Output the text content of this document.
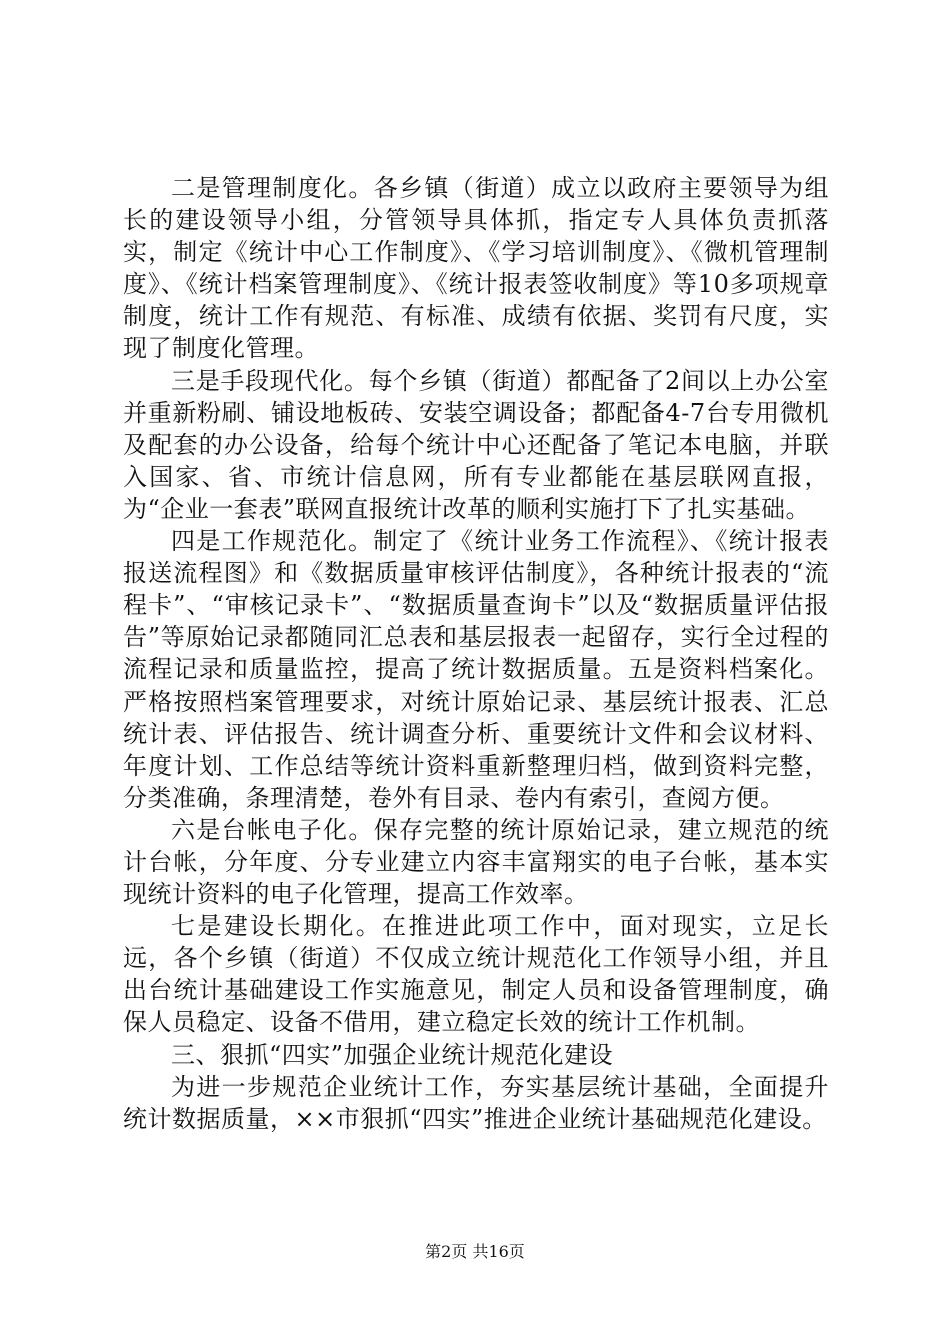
二是管理制度化。各乡镇（街道）成立以政府主要领导为组长的建设领导小组，分管领导具体抓，指定专人具体负责抓落实，制定《统计中心工作制度》、《学习培训制度》、《微机管理制度》、《统计档案管理制度》、《统计报表签收制度》等10多项规章制度，统计工作有规范、有标准、成绩有依据、奖罚有尺度，实现了制度化管理。

三是手段现代化。每个乡镇（街道）都配备了2间以上办公室并重新粉刷、铺设地板砖、安装空调设备；都配备4-7台专用微机及配套的办公设备，给每个统计中心还配备了笔记本电脑，并联入国家、省、市统计信息网，所有专业都能在基层联网直报，为“企业一套表”联网直报统计改革的顺利实施打下了扎实基础。

四是工作规范化。制定了《统计业务工作流程》、《统计报表报送流程图》和《数据质量审核评估制度》，各种统计报表的“流程卡”、“审核记录卡”、“数据质量查询卡”以及“数据质量评估报告”等原始记录都随同汇总表和基层报表一起留存，实行全过程的流程记录和质量监控，提高了统计数据质量。五是资料档案化。严格按照档案管理要求，对统计原始记录、基层统计报表、汇总统计表、评估报告、统计调查分析、重要统计文件和会议材料、年度计划、工作总结等统计资料重新整理归档，做到资料完整，分类准确，条理清楚，卷外有目录、卷内有索引，查阅方便。

六是台帐电子化。保存完整的统计原始记录，建立规范的统计台帐，分年度、分专业建立内容丰富翔实的电子台帐，基本实现统计资料的电子化管理，提高工作效率。

七是建设长期化。在推进此项工作中，面对现实，立足长远，各个乡镇（街道）不仅成立统计规范化工作领导小组，并且出台统计基础建设工作实施意见，制定人员和设备管理制度，确保人员稳定、设备不借用，建立稳定长效的统计工作机制。

三、狠抓“四实”加强企业统计规范化建设

为进一步规范企业统计工作，夯实基层统计基础，全面提升统计数据质量，××市狠抓“四实”推进企业统计基础规范化建设。

第2页 共16页
